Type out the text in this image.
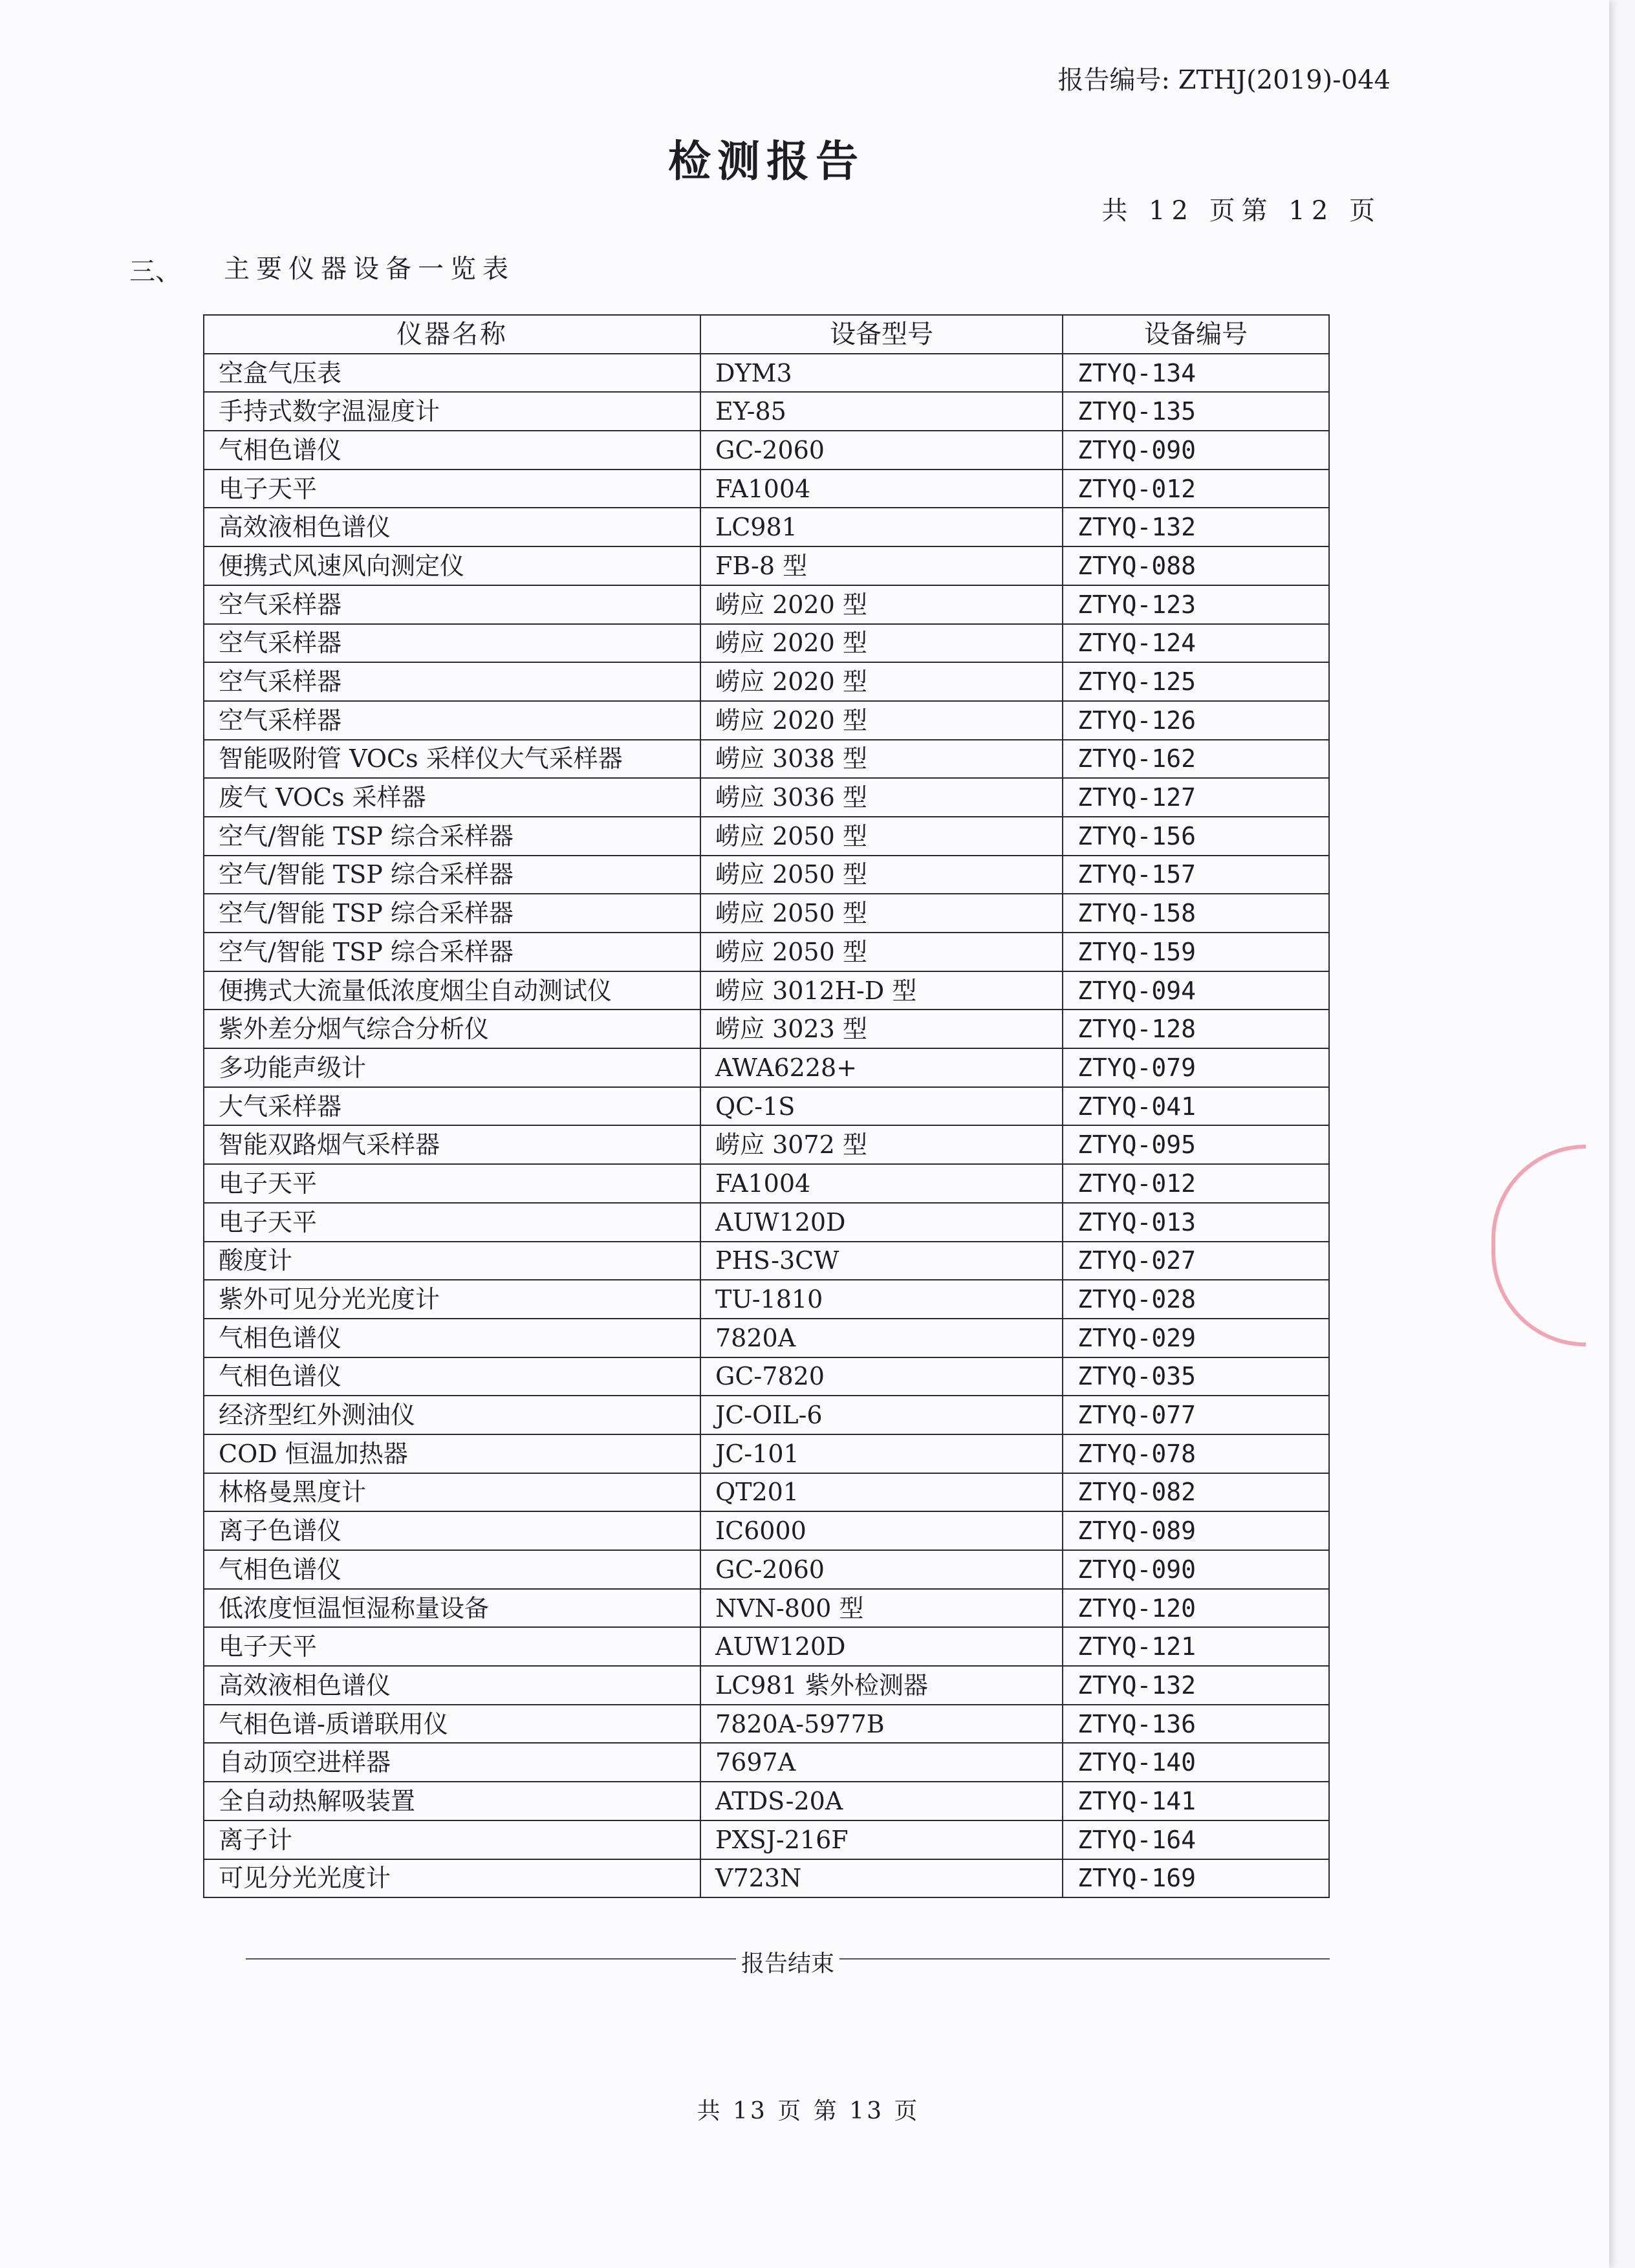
报告编号: ZTHJ(2019)-044
检测报告
共 12 页第 12 页
三、 主要仪器设备一览表
仪器名称	设备型号	设备编号
空盒气压表	DYM3	ZTYQ-134
手持式数字温湿度计	EY-85	ZTYQ-135
气相色谱仪	GC-2060	ZTYQ-090
电子天平	FA1004	ZTYQ-012
高效液相色谱仪	LC981	ZTYQ-132
便携式风速风向测定仪	FB-8 型	ZTYQ-088
空气采样器	崂应 2020 型	ZTYQ-123
空气采样器	崂应 2020 型	ZTYQ-124
空气采样器	崂应 2020 型	ZTYQ-125
空气采样器	崂应 2020 型	ZTYQ-126
智能吸附管 VOCs 采样仪大气采样器	崂应 3038 型	ZTYQ-162
废气 VOCs 采样器	崂应 3036 型	ZTYQ-127
空气/智能 TSP 综合采样器	崂应 2050 型	ZTYQ-156
空气/智能 TSP 综合采样器	崂应 2050 型	ZTYQ-157
空气/智能 TSP 综合采样器	崂应 2050 型	ZTYQ-158
空气/智能 TSP 综合采样器	崂应 2050 型	ZTYQ-159
便携式大流量低浓度烟尘自动测试仪	崂应 3012H-D 型	ZTYQ-094
紫外差分烟气综合分析仪	崂应 3023 型	ZTYQ-128
多功能声级计	AWA6228+	ZTYQ-079
大气采样器	QC-1S	ZTYQ-041
智能双路烟气采样器	崂应 3072 型	ZTYQ-095
电子天平	FA1004	ZTYQ-012
电子天平	AUW120D	ZTYQ-013
酸度计	PHS-3CW	ZTYQ-027
紫外可见分光光度计	TU-1810	ZTYQ-028
气相色谱仪	7820A	ZTYQ-029
气相色谱仪	GC-7820	ZTYQ-035
经济型红外测油仪	JC-OIL-6	ZTYQ-077
COD 恒温加热器	JC-101	ZTYQ-078
林格曼黑度计	QT201	ZTYQ-082
离子色谱仪	IC6000	ZTYQ-089
气相色谱仪	GC-2060	ZTYQ-090
低浓度恒温恒湿称量设备	NVN-800 型	ZTYQ-120
电子天平	AUW120D	ZTYQ-121
高效液相色谱仪	LC981 紫外检测器	ZTYQ-132
气相色谱-质谱联用仪	7820A-5977B	ZTYQ-136
自动顶空进样器	7697A	ZTYQ-140
全自动热解吸装置	ATDS-20A	ZTYQ-141
离子计	PXSJ-216F	ZTYQ-164
可见分光光度计	V723N	ZTYQ-169
报告结束
共 13 页 第 13 页
